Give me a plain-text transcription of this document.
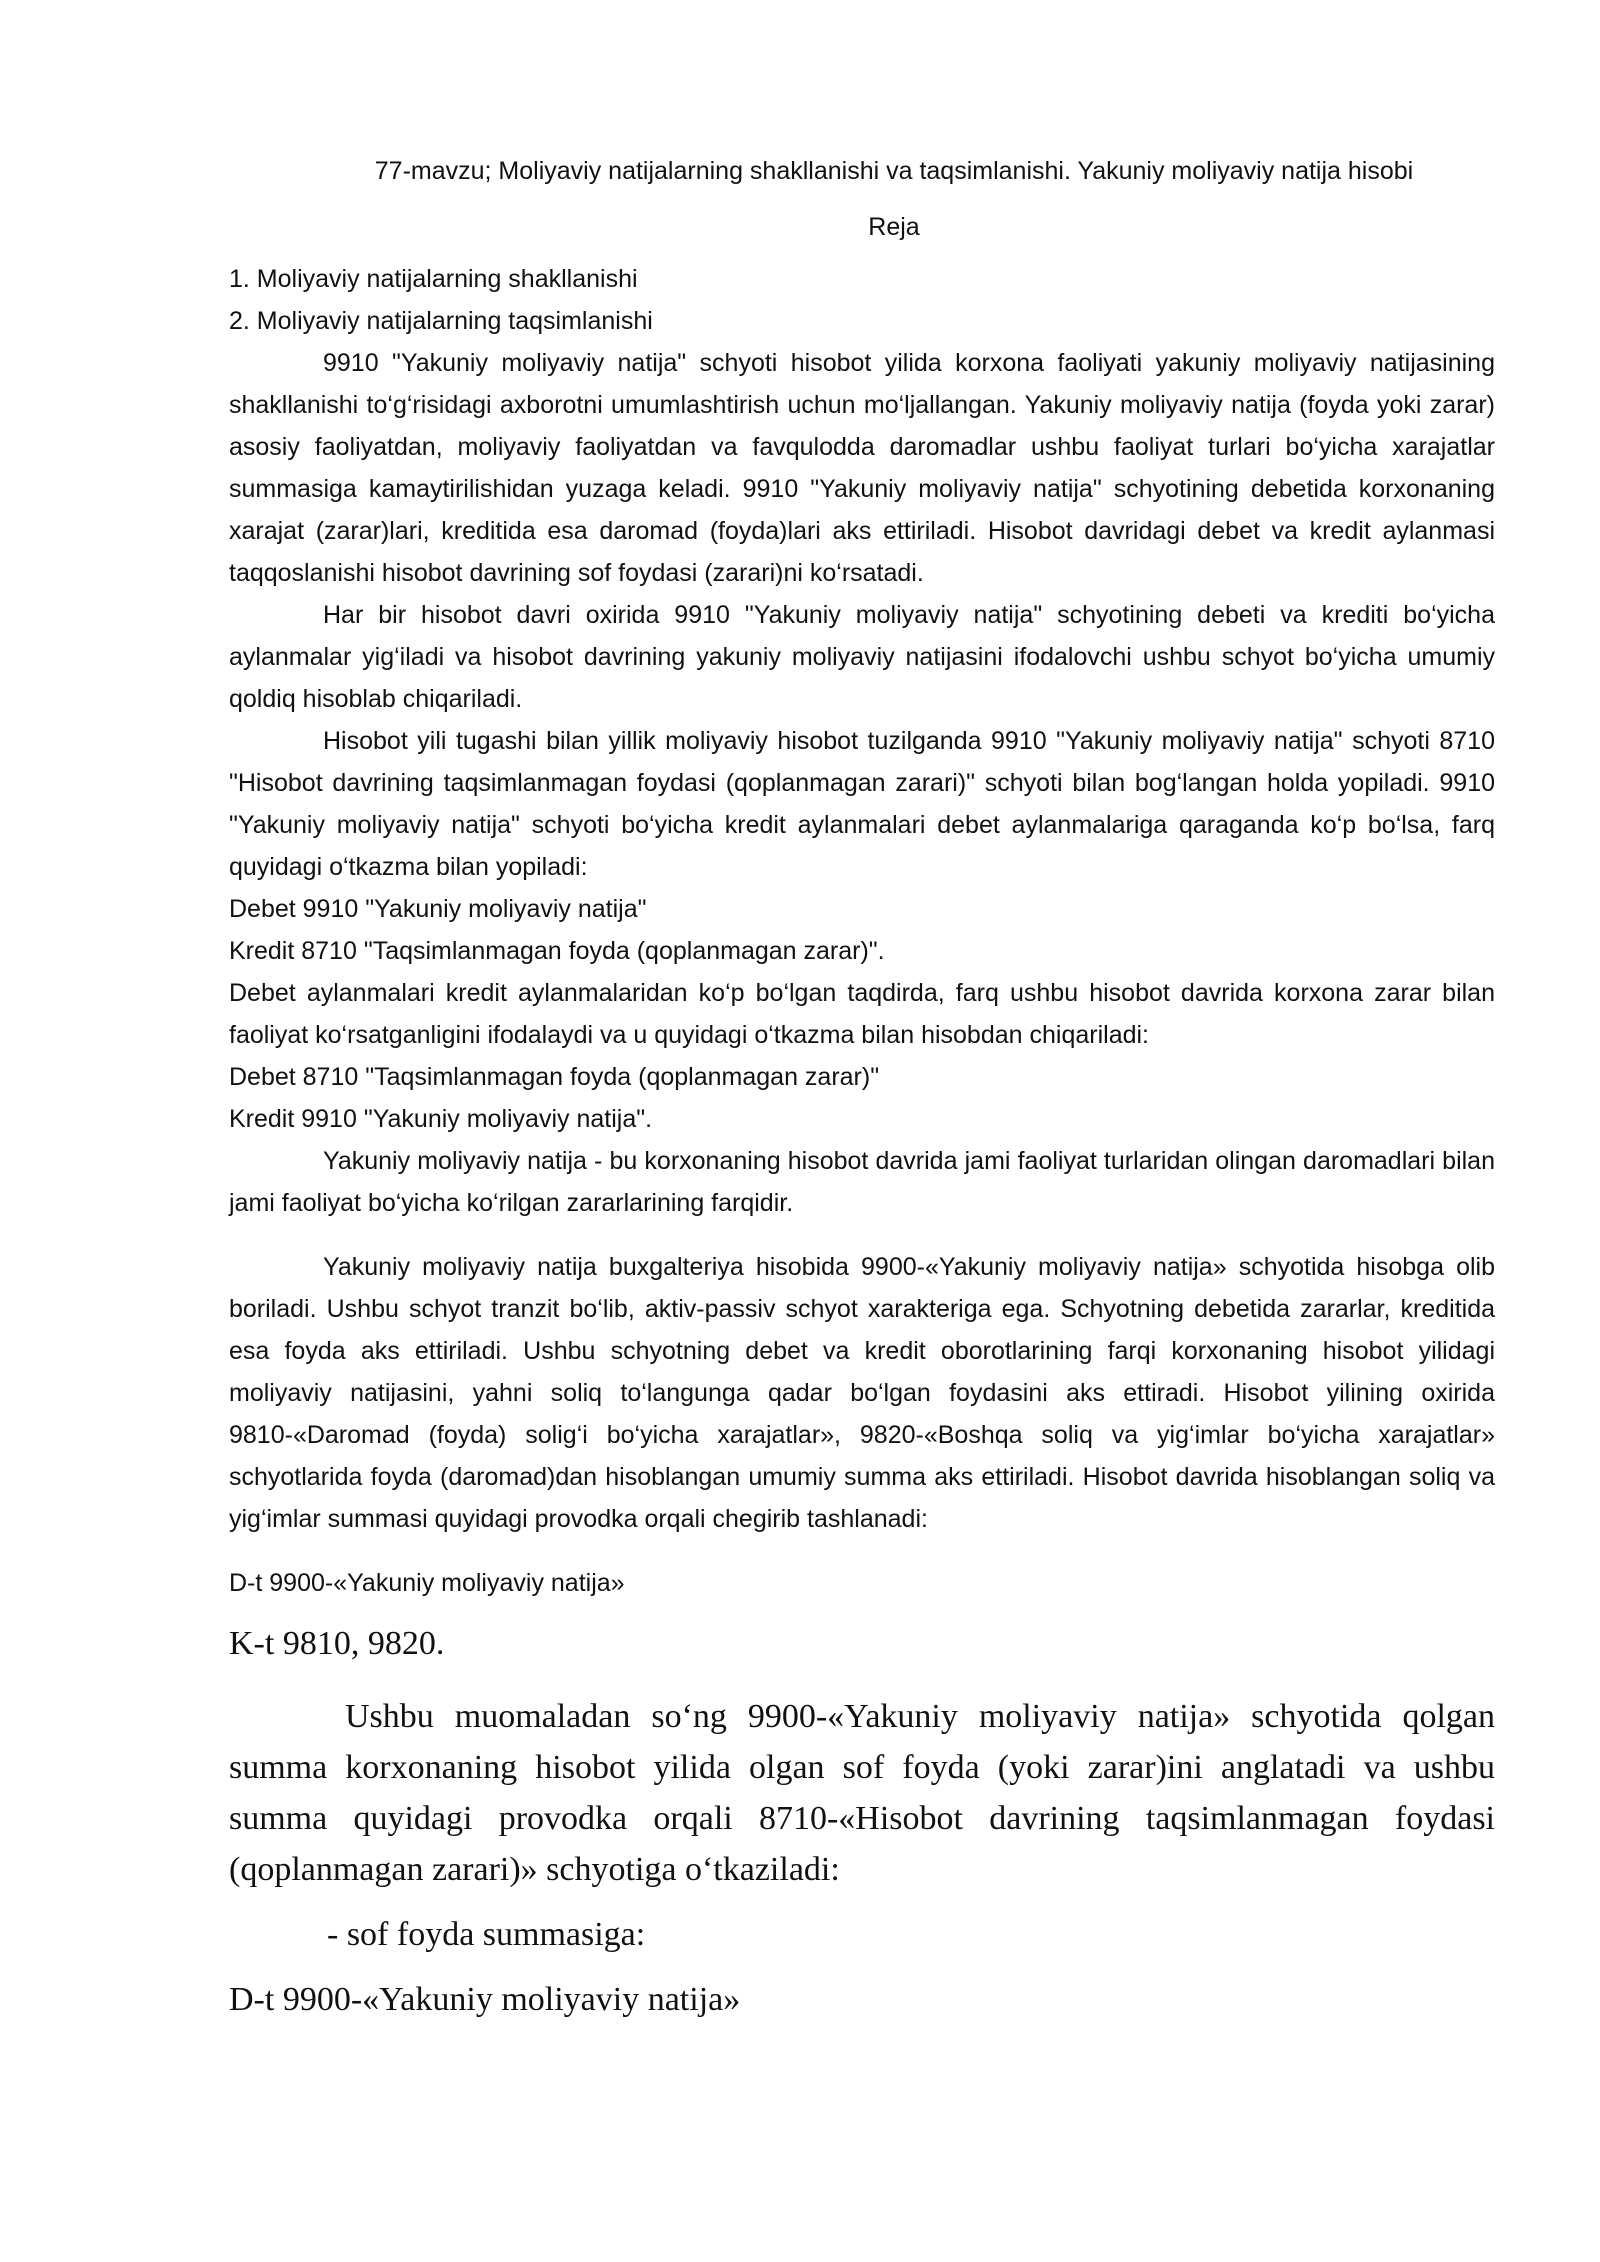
77-mavzu; Moliyaviy natijalarning shakllanishi va taqsimlanishi. Yakuniy moliyaviy natija hisobi
Reja
1. Moliyaviy natijalarning shakllanishi
2. Moliyaviy natijalarning taqsimlanishi

9910 "Yakuniy moliyaviy natija" schyoti hisobot yilida korxona faoliyati yakuniy moliyaviy natijasining shakllanishi to‘g‘risidagi axborotni umumlashtirish uchun mo‘ljallangan. Yakuniy moliyaviy natija (foyda yoki zarar) asosiy faoliyatdan, moliyaviy faoliyatdan va favqulodda daromadlar ushbu faoliyat turlari bo‘yicha xarajatlar summasiga kamaytirilishidan yuzaga keladi. 9910 "Yakuniy moliyaviy natija" schyotining debetida korxonaning xarajat (zarar)lari, kreditida esa daromad (foyda)lari aks ettiriladi. Hisobot davridagi debet va kredit aylanmasi taqqoslanishi hisobot davrining sof foydasi (zarari)ni ko‘rsatadi.

Har bir hisobot davri oxirida 9910 "Yakuniy moliyaviy natija" schyotining debeti va krediti bo‘yicha aylanmalar yig‘iladi va hisobot davrining yakuniy moliyaviy natijasini ifodalovchi ushbu schyot bo‘yicha umumiy qoldiq hisoblab chiqariladi.

Hisobot yili tugashi bilan yillik moliyaviy hisobot tuzilganda 9910 "Yakuniy moliyaviy natija" schyoti 8710 "Hisobot davrining taqsimlanmagan foydasi (qoplanmagan zarari)" schyoti bilan bog‘langan holda yopiladi. 9910 "Yakuniy moliyaviy natija" schyoti bo‘yicha kredit aylanmalari debet aylanmalariga qaraganda ko‘p bo‘lsa, farq quyidagi o‘tkazma bilan yopiladi:

Debet 9910 "Yakuniy moliyaviy natija"

Kredit 8710 "Taqsimlanmagan foyda (qoplanmagan zarar)".

Debet aylanmalari kredit aylanmalaridan ko‘p bo‘lgan taqdirda, farq ushbu hisobot davrida korxona zarar bilan faoliyat ko‘rsatganligini ifodalaydi va u quyidagi o‘tkazma bilan hisobdan chiqariladi:

Debet 8710 "Taqsimlanmagan foyda (qoplanmagan zarar)"

Kredit 9910 "Yakuniy moliyaviy natija".

Yakuniy moliyaviy natija - bu korxonaning hisobot davrida jami faoliyat turlaridan olingan daromadlari bilan jami faoliyat bo‘yicha ko‘rilgan zararlarining farqidir.

Yakuniy moliyaviy natija buxgalteriya hisobida 9900-«Yakuniy moliyaviy natija» schyotida hisobga olib boriladi. Ushbu schyot tranzit bo‘lib, aktiv-passiv schyot xarakteriga ega. Schyotning debetida zararlar, kreditida esa foyda aks ettiriladi. Ushbu schyotning debet va kredit oborotlarining farqi korxonaning hisobot yilidagi moliyaviy natijasini, yahni soliq to‘langunga qadar bo‘lgan foydasini aks ettiradi. Hisobot yilining oxirida 9810-«Daromad (foyda) solig‘i bo‘yicha xarajatlar», 9820-«Boshqa soliq va yig‘imlar bo‘yicha xarajatlar» schyotlarida foyda (daromad)dan hisoblangan umumiy summa aks ettiriladi. Hisobot davrida hisoblangan soliq va yig‘imlar summasi quyidagi provodka orqali chegirib tashlanadi:

D-t 9900-«Yakuniy moliyaviy natija»

K-t 9810, 9820.

Ushbu muomaladan so‘ng 9900-«Yakuniy moliyaviy natija» schyotida qolgan summa korxonaning hisobot yilida olgan sof foyda (yoki zarar)ini anglatadi va ushbu summa quyidagi provodka orqali 8710-«Hisobot davrining taqsimlanmagan foydasi (qoplanmagan zarari)» schyotiga o‘tkaziladi:

- sof foyda summasiga:

D-t 9900-«Yakuniy moliyaviy natija»
